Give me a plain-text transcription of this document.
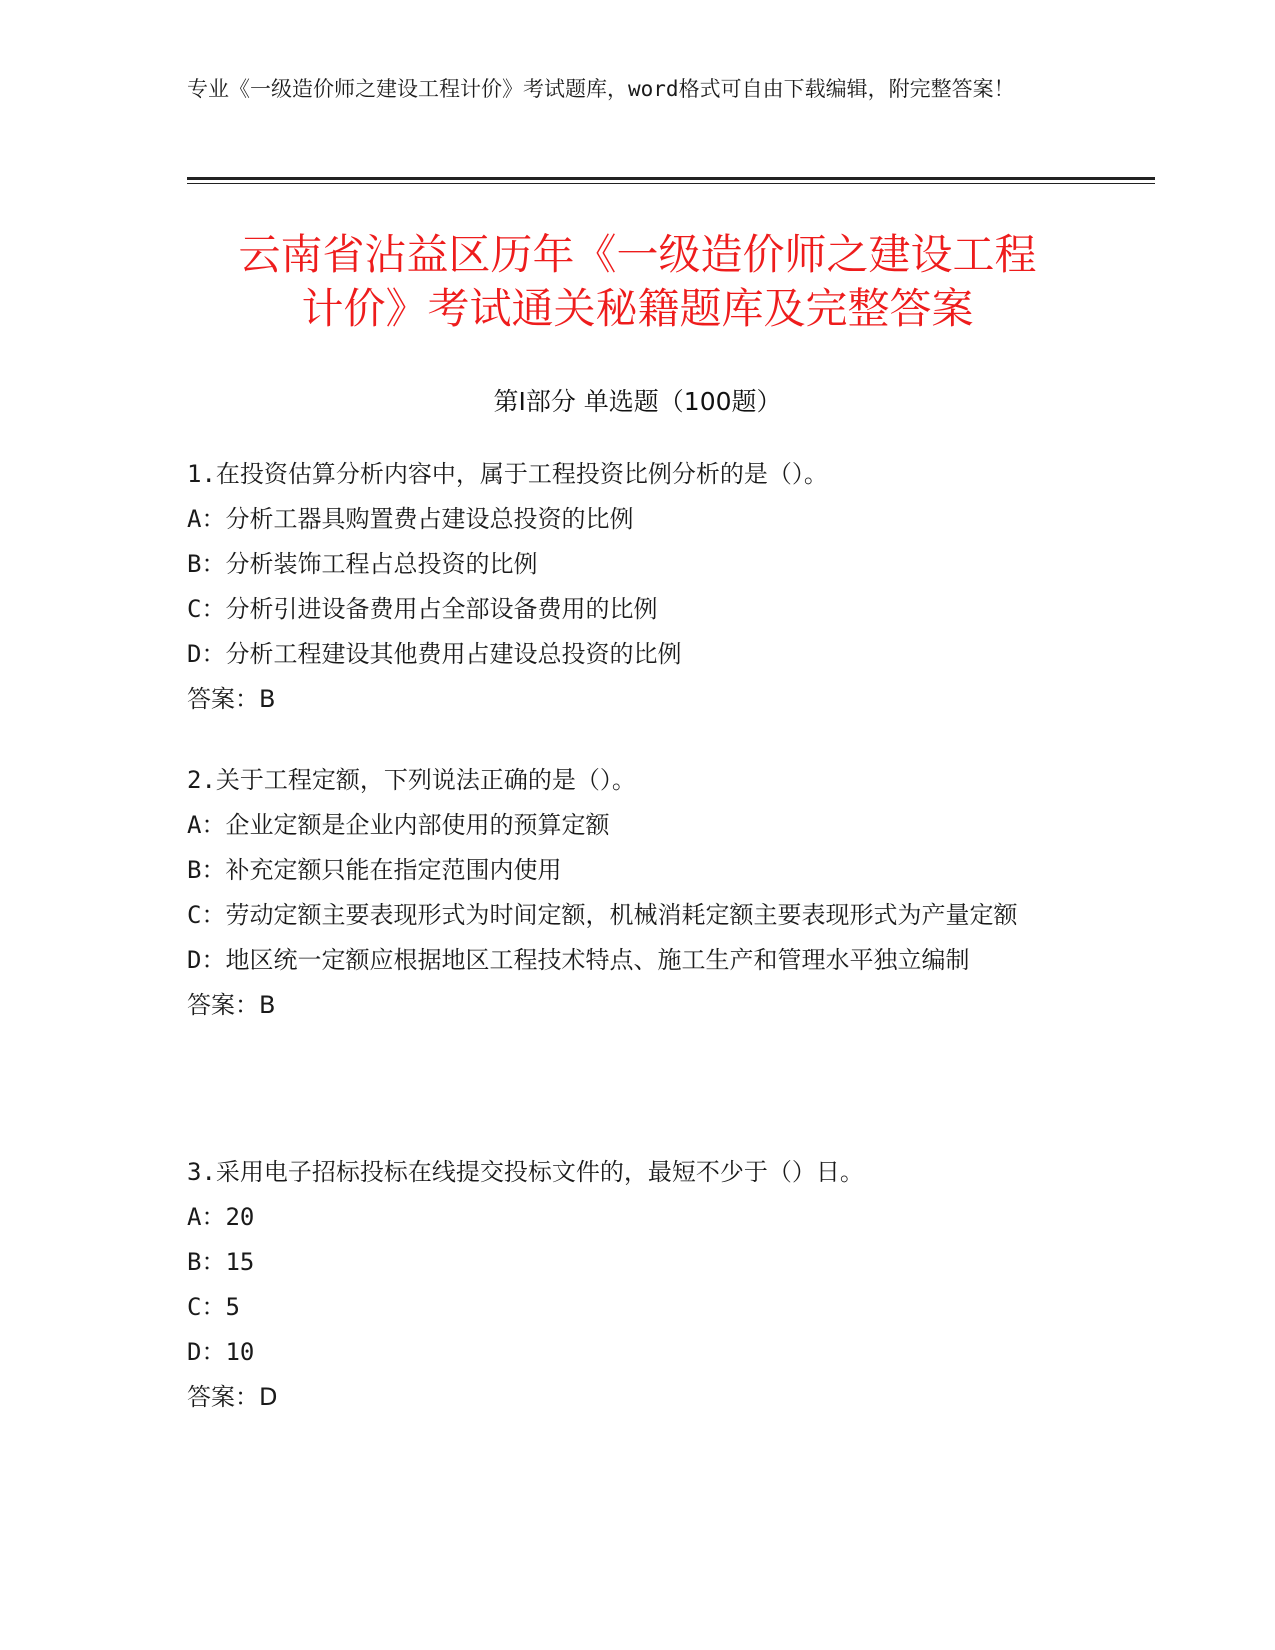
专业《一级造价师之建设工程计价》考试题库，word格式可自由下载编辑，附完整答案！
云南省沾益区历年《一级造价师之建设工程
计价》考试通关秘籍题库及完整答案
第Ⅰ部分 单选题（100题）
1.在投资估算分析内容中，属于工程投资比例分析的是（）。
A：分析工器具购置费占建设总投资的比例
B：分析装饰工程占总投资的比例
C：分析引进设备费用占全部设备费用的比例
D：分析工程建设其他费用占建设总投资的比例
答案：B
2.关于工程定额，下列说法正确的是（）。
A：企业定额是企业内部使用的预算定额
B：补充定额只能在指定范围内使用
C：劳动定额主要表现形式为时间定额，机械消耗定额主要表现形式为产量定额
D：地区统一定额应根据地区工程技术特点、施工生产和管理水平独立编制
答案：B
3.采用电子招标投标在线提交投标文件的，最短不少于（）日。
A：20
B：15
C：5
D：10
答案：D
